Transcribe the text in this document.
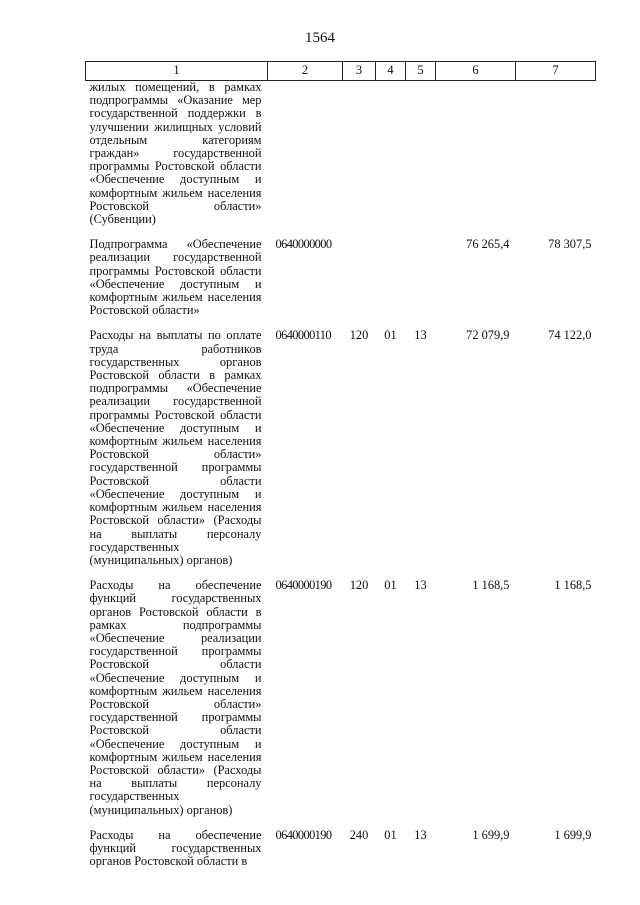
1564
1	2	3	4	5	6	7
жилых помещений, в рамках подпрограммы «Оказание мер государственной поддержки в улучшении жилищных условий отдельным категориям граждан» государственной программы Ростовской области «Обеспечение доступным и комфортным жильем населения Ростовской области» (Субвенции)						
Подпрограмма «Обеспечение реализации государственной программы Ростовской области «Обеспечение доступным и комфортным жильем населения Ростовской области»	0640000000				76 265,4	78 307,5
Расходы на выплаты по оплате труда работников государственных органов Ростовской области в рамках подпрограммы «Обеспечение реализации государственной программы Ростовской области «Обеспечение доступным и комфортным жильем населения Ростовской области» государственной программы Ростовской области «Обеспечение доступным и комфортным жильем населения Ростовской области» (Расходы на выплаты персоналу государственных (муниципальных) органов)	0640000110	120	01	13	72 079,9	74 122,0
Расходы на обеспечение функций государственных органов Ростовской области в рамках подпрограммы «Обеспечение реализации государственной программы Ростовской области «Обеспечение доступным и комфортным жильем населения Ростовской области» государственной программы Ростовской области «Обеспечение доступным и комфортным жильем населения Ростовской области» (Расходы на выплаты персоналу государственных (муниципальных) органов)	0640000190	120	01	13	1 168,5	1 168,5
Расходы на обеспечение функций государственных органов Ростовской области в	0640000190	240	01	13	1 699,9	1 699,9
